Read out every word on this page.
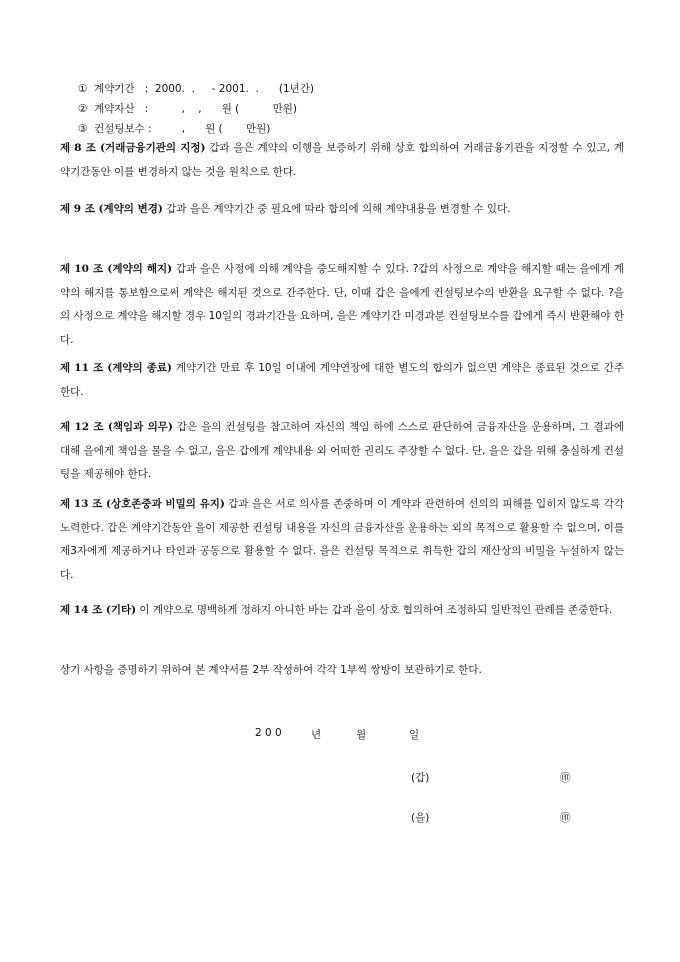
①  계약기간   :  2000.  .     - 2001.  .      (1년간)
②  계약자산   :          ,    ,      원 (          만원)
③  컨설팅보수 :         ,      원 (       만원)
제 8 조 (거래금융기관의 지정) 갑과 을은 계약의 이행을 보증하기 위해 상호 합의하여 거래금융기관을 지정할 수 있고, 계약기간동안 이를 변경하지 않는 것을 원칙으로 한다.
제 9 조 (계약의 변경) 갑과 을은 계약기간 중 필요에 따라 합의에 의해 계약내용을 변경할 수 있다.
제 10 조 (계약의 해지) 갑과 을은 사정에 의해 계약을 중도해지할 수 있다. ?갑의 사정으로 계약을 해지할 때는 을에게 계약의 해지를 통보함으로써 계약은 해지된 것으로 간주한다. 단, 이때 갑은 을에게 컨설팅보수의 반환을 요구할 수 없다. ?을의 사정으로 계약을 해지할 경우 10일의 경과기간을 요하며, 을은 계약기간 미경과분 컨설팅보수를 갑에게 즉시 반환해야 한다.
제 11 조 (계약의 종료) 계약기간 만료 후 10일 이내에 계약연장에 대한 별도의 합의가 없으면 계약은 종료된 것으로 간주한다.
제 12 조 (책임과 의무) 갑은 을의 컨설팅을 참고하여 자신의 책임 하에 스스로 판단하여 금융자산을 운용하며, 그 결과에 대해 을에게 책임을 물을 수 없고, 을은 갑에게 계약내용 외 어떠한 권리도 주장할 수 없다. 단, 을은 갑을 위해 충실하게 컨설팅을 제공해야 한다.
제 13 조 (상호존중과 비밀의 유지) 갑과 을은 서로 의사를 존중하며 이 계약과 관련하여 선의의 피해를 입히지 않도록 각각 노력한다. 갑은 계약기간동안 을이 제공한 컨설팅 내용을 자신의 금융자산을 운용하는 외의 목적으로 활용할 수 없으며, 이를 제3자에게 제공하거나 타인과 공동으로 활용할 수 없다. 을은 컨설팅 목적으로 취득한 갑의 재산상의 비밀을 누설하지 않는다.
제 14 조 (기타) 이 계약으로 명백하게 정하지 아니한 바는 갑과 을이 상호 협의하여 조정하되 일반적인 관례를 존중한다.
상기 사항을 증명하기 위하여 본 계약서를 2부 작성하여 각각 1부씩 쌍방이 보관하기로 한다.
2 0 0	년	월	일
(갑)	㊞
(을)	㊞
